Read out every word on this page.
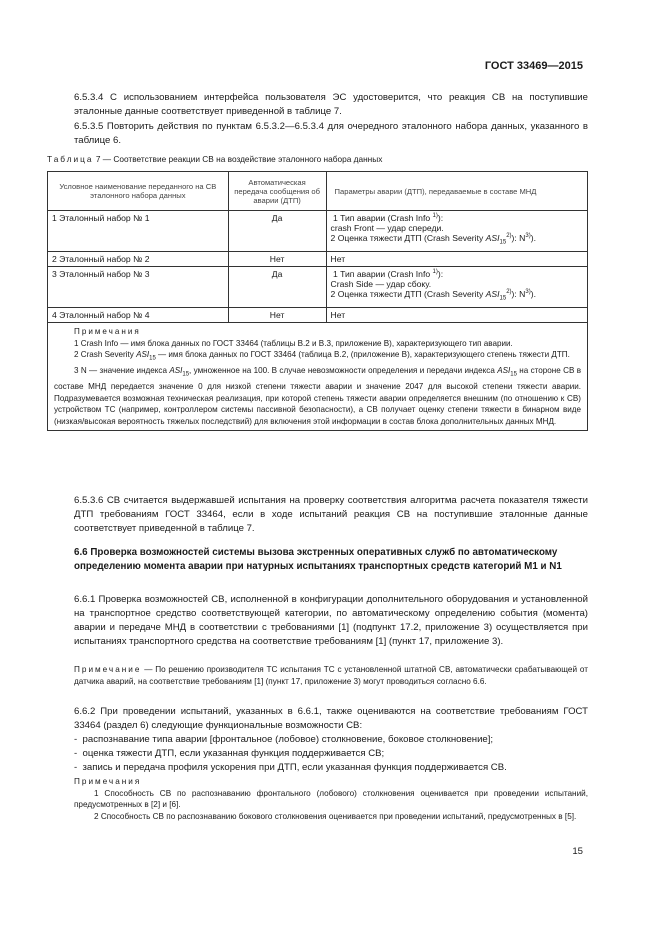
ГОСТ 33469—2015
6.5.3.4 С использованием интерфейса пользователя ЭС удостоверится, что реакция СВ на поступившие эталонные данные соответствует приведенной в таблице 7.
6.5.3.5 Повторить действия по пунктам 6.5.3.2—6.5.3.4 для очередного эталонного набора данных, указанного в таблице 6.
Таблица 7 — Соответствие реакции СВ на воздействие эталонного набора данных
Условное наименование переданного на СВ эталонного набора данных	Автоматическая передача сообщения об аварии (ДТП)	Параметры аварии (ДТП), передаваемые в составе МНД
1 Эталонный набор № 1	Да	1 Тип аварии (Crash Info $^{1)}$):
crash Front — удар спереди.
2 Оценка тяжести ДТП (Crash Severity $ASI_{15}^{2)}$): $N^{3)}$).

2 Эталонный набор № 2	Нет	Нет
3 Эталонный набор № 3	Да	1 Тип аварии (Crash Info $^{1)}$):
Crash Side — удар сбоку.
2 Оценка тяжести ДТП (Crash Severity $ASI_{15}^{2)}$): $N^{3)}$).

4 Эталонный набор № 4	Нет	Нет

Примечания
1 Crash Info — имя блока данных по ГОСТ 33464 (таблицы В.2 и В.3, приложение В), характеризующего тип аварии.
2 Crash Severity $ASI_{15}$ — имя блока данных по ГОСТ 33464 (таблица В.2, (приложение В), характеризующего степень тяжести ДТП.
3 N — значение индекса $ASI_{15}$, умноженное на 100. В случае невозможности определения и передачи индекса $ASI_{15}$ на стороне СВ в составе МНД передается значение 0 для низкой степени тяжести аварии и значение 2047 для высокой степени тяжести аварии. Подразумевается возможная техническая реализация, при которой степень тяжести аварии определяется внешним (по отношению к СВ) устройством ТС (например, контроллером системы пассивной безопасности), а СВ получает оценку степени тяжести в бинарном виде (низкая/высокая вероятность тяжелых последствий) для включения этой информации в состав блока дополнительных данных МНД.		
6.5.3.6 СВ считается выдержавшей испытания на проверку соответствия алгоритма расчета показателя тяжести ДТП требованиям ГОСТ 33464, если в ходе испытаний реакция СВ на поступившие эталонные данные соответствует приведенной в таблице 7.
6.6 Проверка возможностей системы вызова экстренных оперативных служб по автоматическому определению момента аварии при натурных испытаниях транспортных средств категорий М1 и N1
6.6.1 Проверка возможностей СВ, исполненной в конфигурации дополнительного оборудования и установленной на транспортное средство соответствующей категории, по автоматическому определению события (момента) аварии и передаче МНД в соответствии с требованиями [1] (подпункт 17.2, приложение 3) осуществляется при испытаниях транспортного средства на соответствие требованиям [1] (пункт 17, приложение 3).
Примечание — По решению производителя ТС испытания ТС с установленной штатной СВ, автоматически срабатывающей от датчика аварий, на соответствие требованиям [1] (пункт 17, приложение 3) могут проводиться согласно 6.6.
6.6.2 При проведении испытаний, указанных в 6.6.1, также оцениваются на соответствие требованиям ГОСТ 33464 (раздел 6) следующие функциональные возможности СВ:
-  распознавание типа аварии [фронтальное (лобовое) столкновение, боковое столкновение];
-  оценка тяжести ДТП, если указанная функция поддерживается СВ;
-  запись и передача профиля ускорения при ДТП, если указанная функция поддерживается СВ.
Примечания
1 Способность СВ по распознаванию фронтального (лобового) столкновения оценивается при проведении испытаний, предусмотренных в [2] и [6].
2 Способность СВ по распознаванию бокового столкновения оценивается при проведении испытаний, предусмотренных в [5].
15
